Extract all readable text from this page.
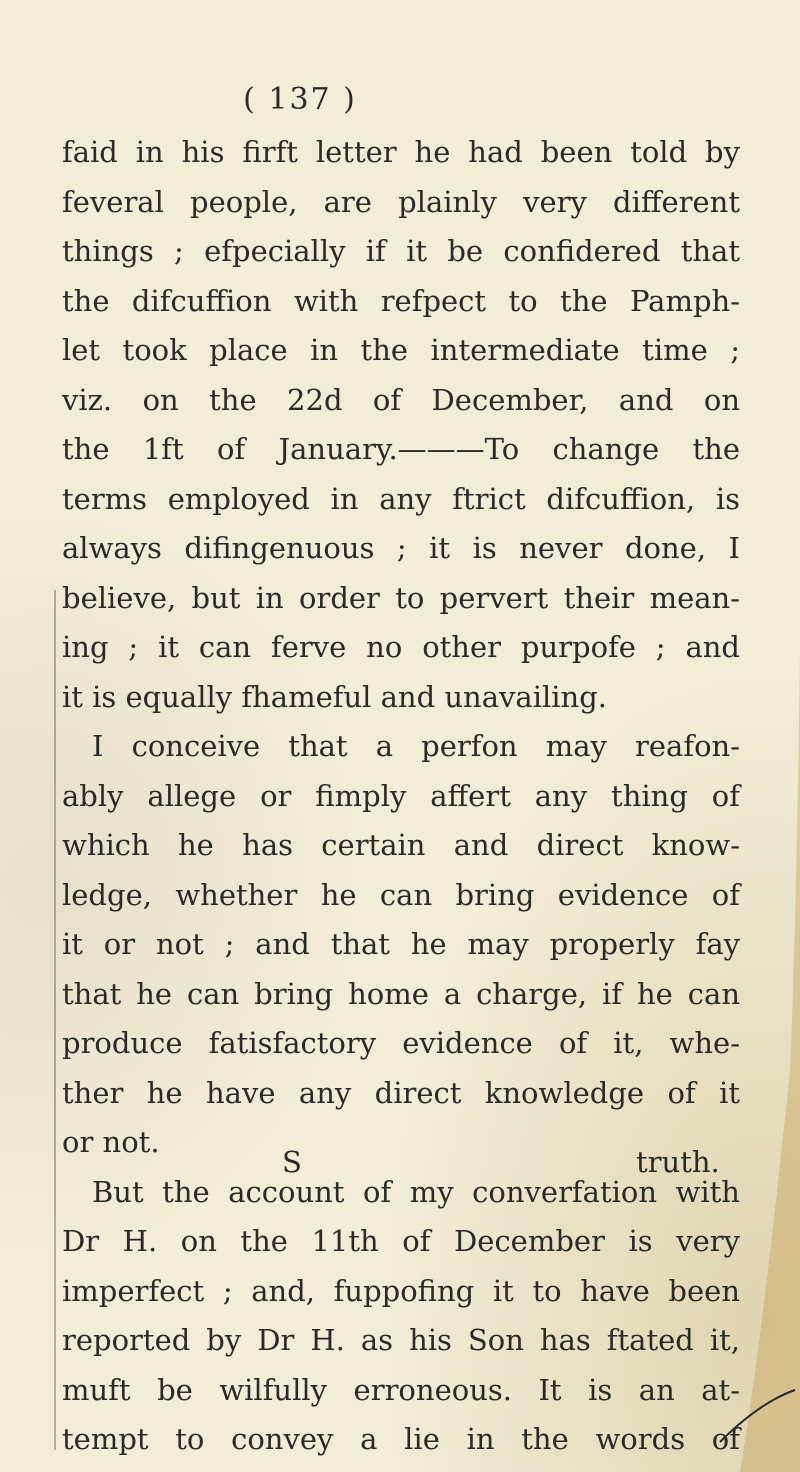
( 137 )
faid in his firft letter he had been told by
feveral people, are plainly very different
things ; efpecially if it be confidered that
the difcuffion with refpect to the Pamph-
let took place in the intermediate time ;
viz. on the 22d of December, and on
the 1ft of January.———To change the
terms employed in any ftrict difcuffion, is
always difingenuous ; it is never done, I
believe, but in order to pervert their mean-
ing ; it can ferve no other purpofe ; and
it is equally fhameful and unavailing.
I conceive that a perfon may reafon-
ably allege or fimply affert any thing of
which he has certain and direct know-
ledge, whether he can bring evidence of
it or not ; and that he may properly fay
that he can bring home a charge, if he can
produce fatisfactory evidence of it, whe-
ther he have any direct knowledge of it
or not.
But the account of my converfation with
Dr H. on the 11th of December is very
imperfect ; and, fuppofing it to have been
reported by Dr H. as his Son has ftated it,
muft be wilfully erroneous. It is an at-
tempt to convey a lie in the words of
S	truth.
